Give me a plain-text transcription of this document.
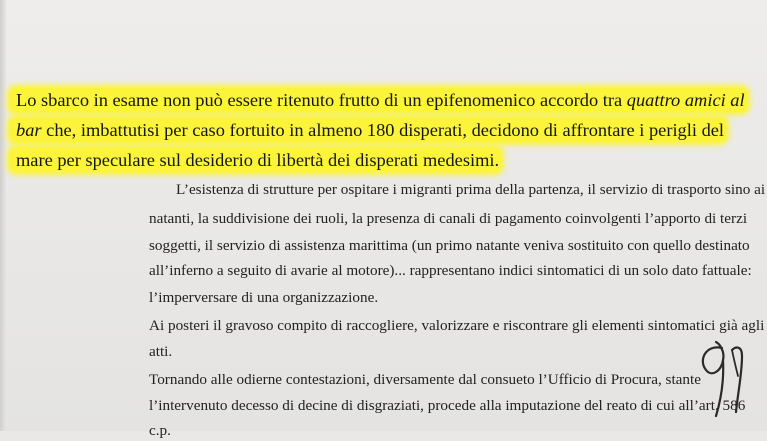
Lo sbarco in esame non può essere ritenuto frutto di un epifenomenico accordo tra quattro amici al
bar che, imbattutisi per caso fortuito in almeno 180 disperati, decidono di affrontare i perigli del
mare per speculare sul desiderio di libertà dei disperati medesimi.
L’esistenza di strutture per ospitare i migranti prima della partenza, il servizio di trasporto sino ai
natanti, la suddivisione dei ruoli, la presenza di canali di pagamento coinvolgenti l’apporto di terzi
soggetti, il servizio di assistenza marittima (un primo natante veniva sostituito con quello destinato
all’inferno a seguito di avarie al motore)... rappresentano indici sintomatici di un solo dato fattuale:
l’imperversare di una organizzazione.
Ai posteri il gravoso compito di raccogliere, valorizzare e riscontrare gli elementi sintomatici già agli
atti.
Tornando alle odierne contestazioni, diversamente dal consueto l’Ufficio di Procura, stante
l’intervenuto decesso di decine di disgraziati, procede alla imputazione del reato di cui all’art. 586
c.p.
